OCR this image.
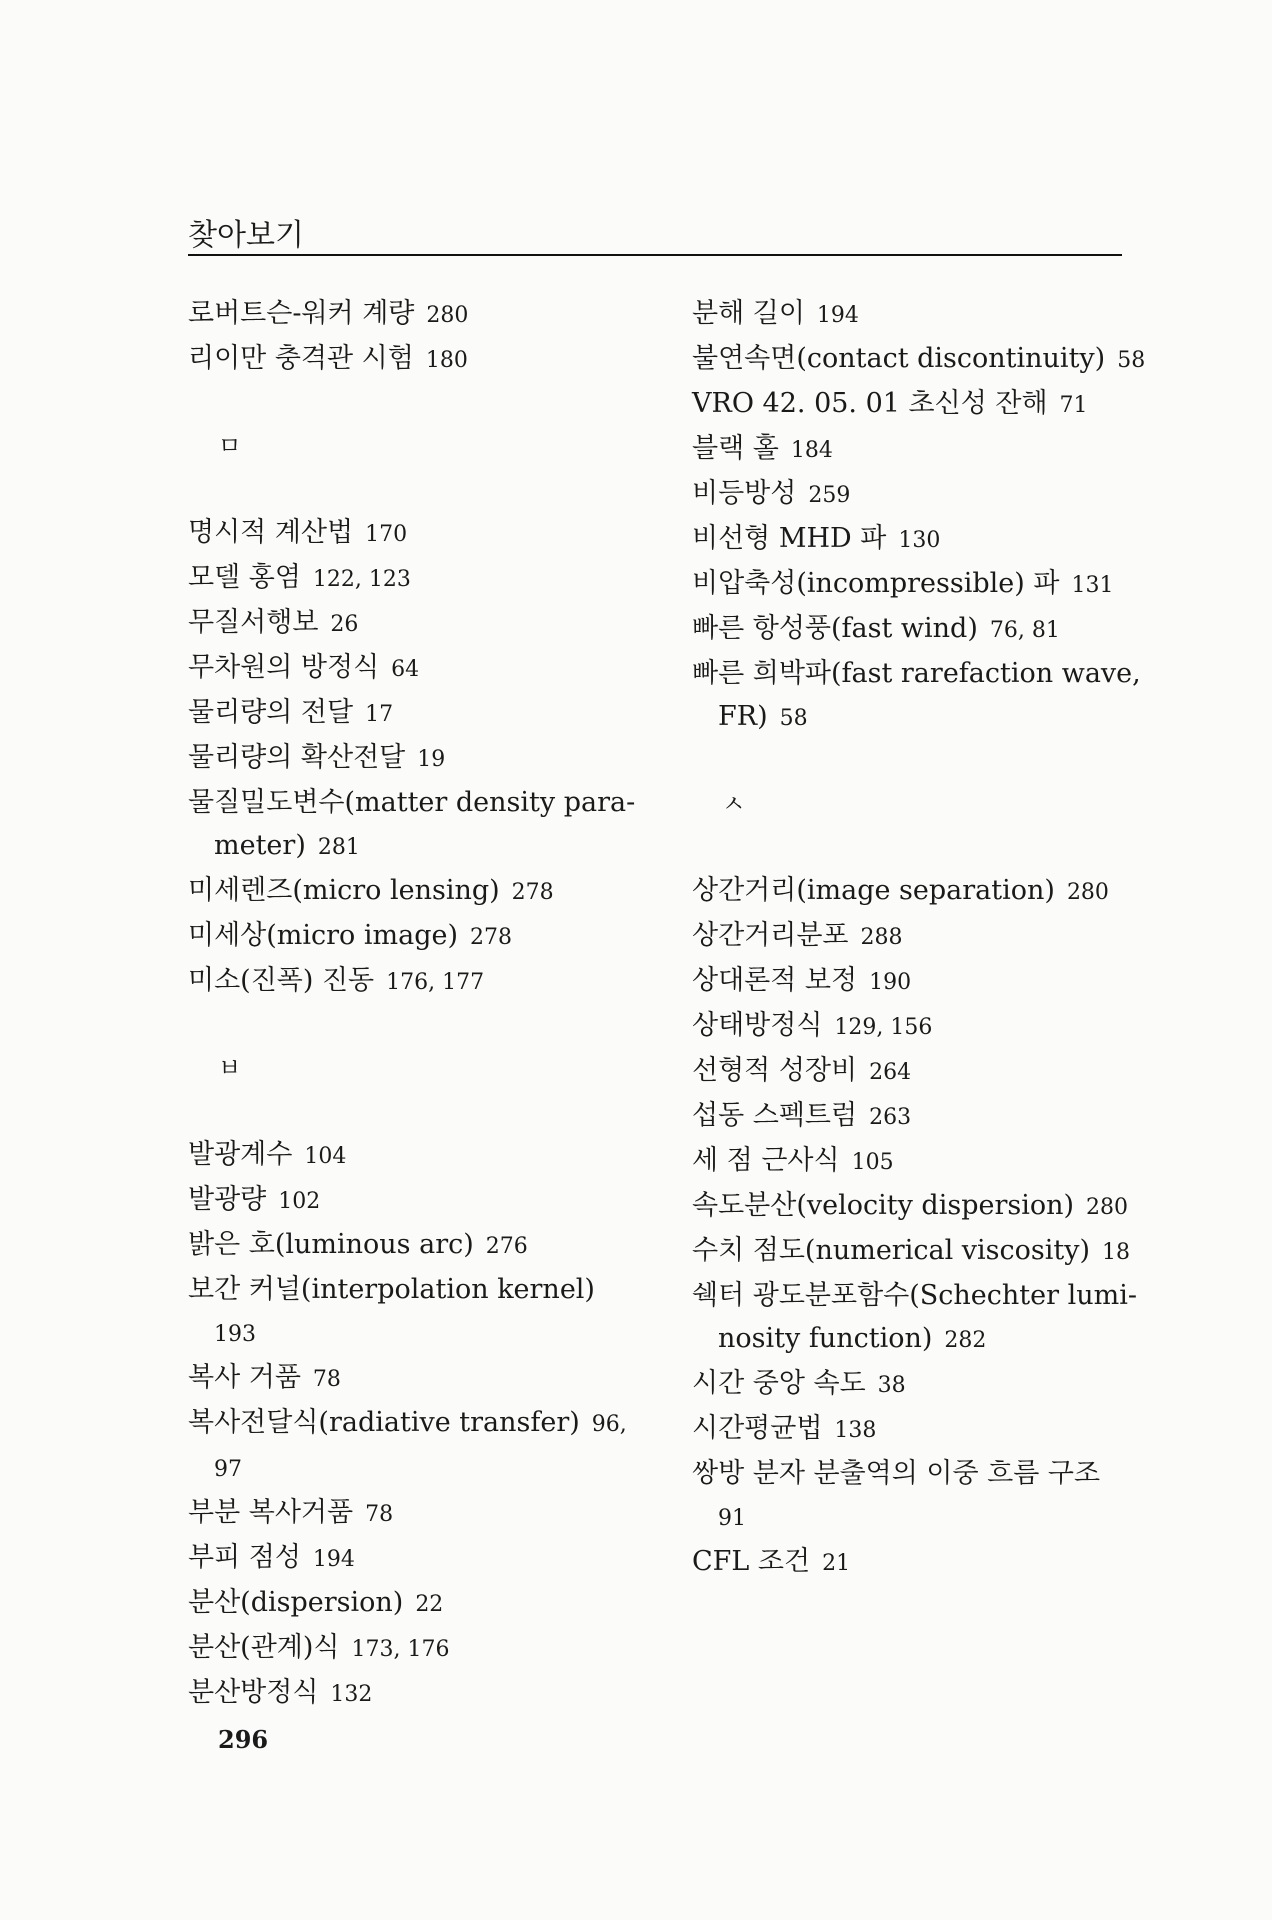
찾아보기
로버트슨-워커 계량 280
리이만 충격관 시험 180
ㅁ
명시적 계산법 170
모델 홍염 122, 123
무질서행보 26
무차원의 방정식 64
물리량의 전달 17
물리량의 확산전달 19
물질밀도변수(matter density para-
meter) 281
미세렌즈(micro lensing) 278
미세상(micro image) 278
미소(진폭) 진동 176, 177
ㅂ
발광계수 104
발광량 102
밝은 호(luminous arc) 276
보간 커널(interpolation kernel)
193
복사 거품 78
복사전달식(radiative transfer) 96,
97
부분 복사거품 78
부피 점성 194
분산(dispersion) 22
분산(관계)식 173, 176
분산방정식 132
분해 길이 194
불연속면(contact discontinuity) 58
VRO 42. 05. 01 초신성 잔해 71
블랙 홀 184
비등방성 259
비선형 MHD 파 130
비압축성(incompressible) 파 131
빠른 항성풍(fast wind) 76, 81
빠른 희박파(fast rarefaction wave,
FR) 58
ㅅ
상간거리(image separation) 280
상간거리분포 288
상대론적 보정 190
상태방정식 129, 156
선형적 성장비 264
섭동 스펙트럼 263
세 점 근사식 105
속도분산(velocity dispersion) 280
수치 점도(numerical viscosity) 18
쉑터 광도분포함수(Schechter lumi-
nosity function) 282
시간 중앙 속도 38
시간평균법 138
쌍방 분자 분출역의 이중 흐름 구조
91
CFL 조건 21
296
